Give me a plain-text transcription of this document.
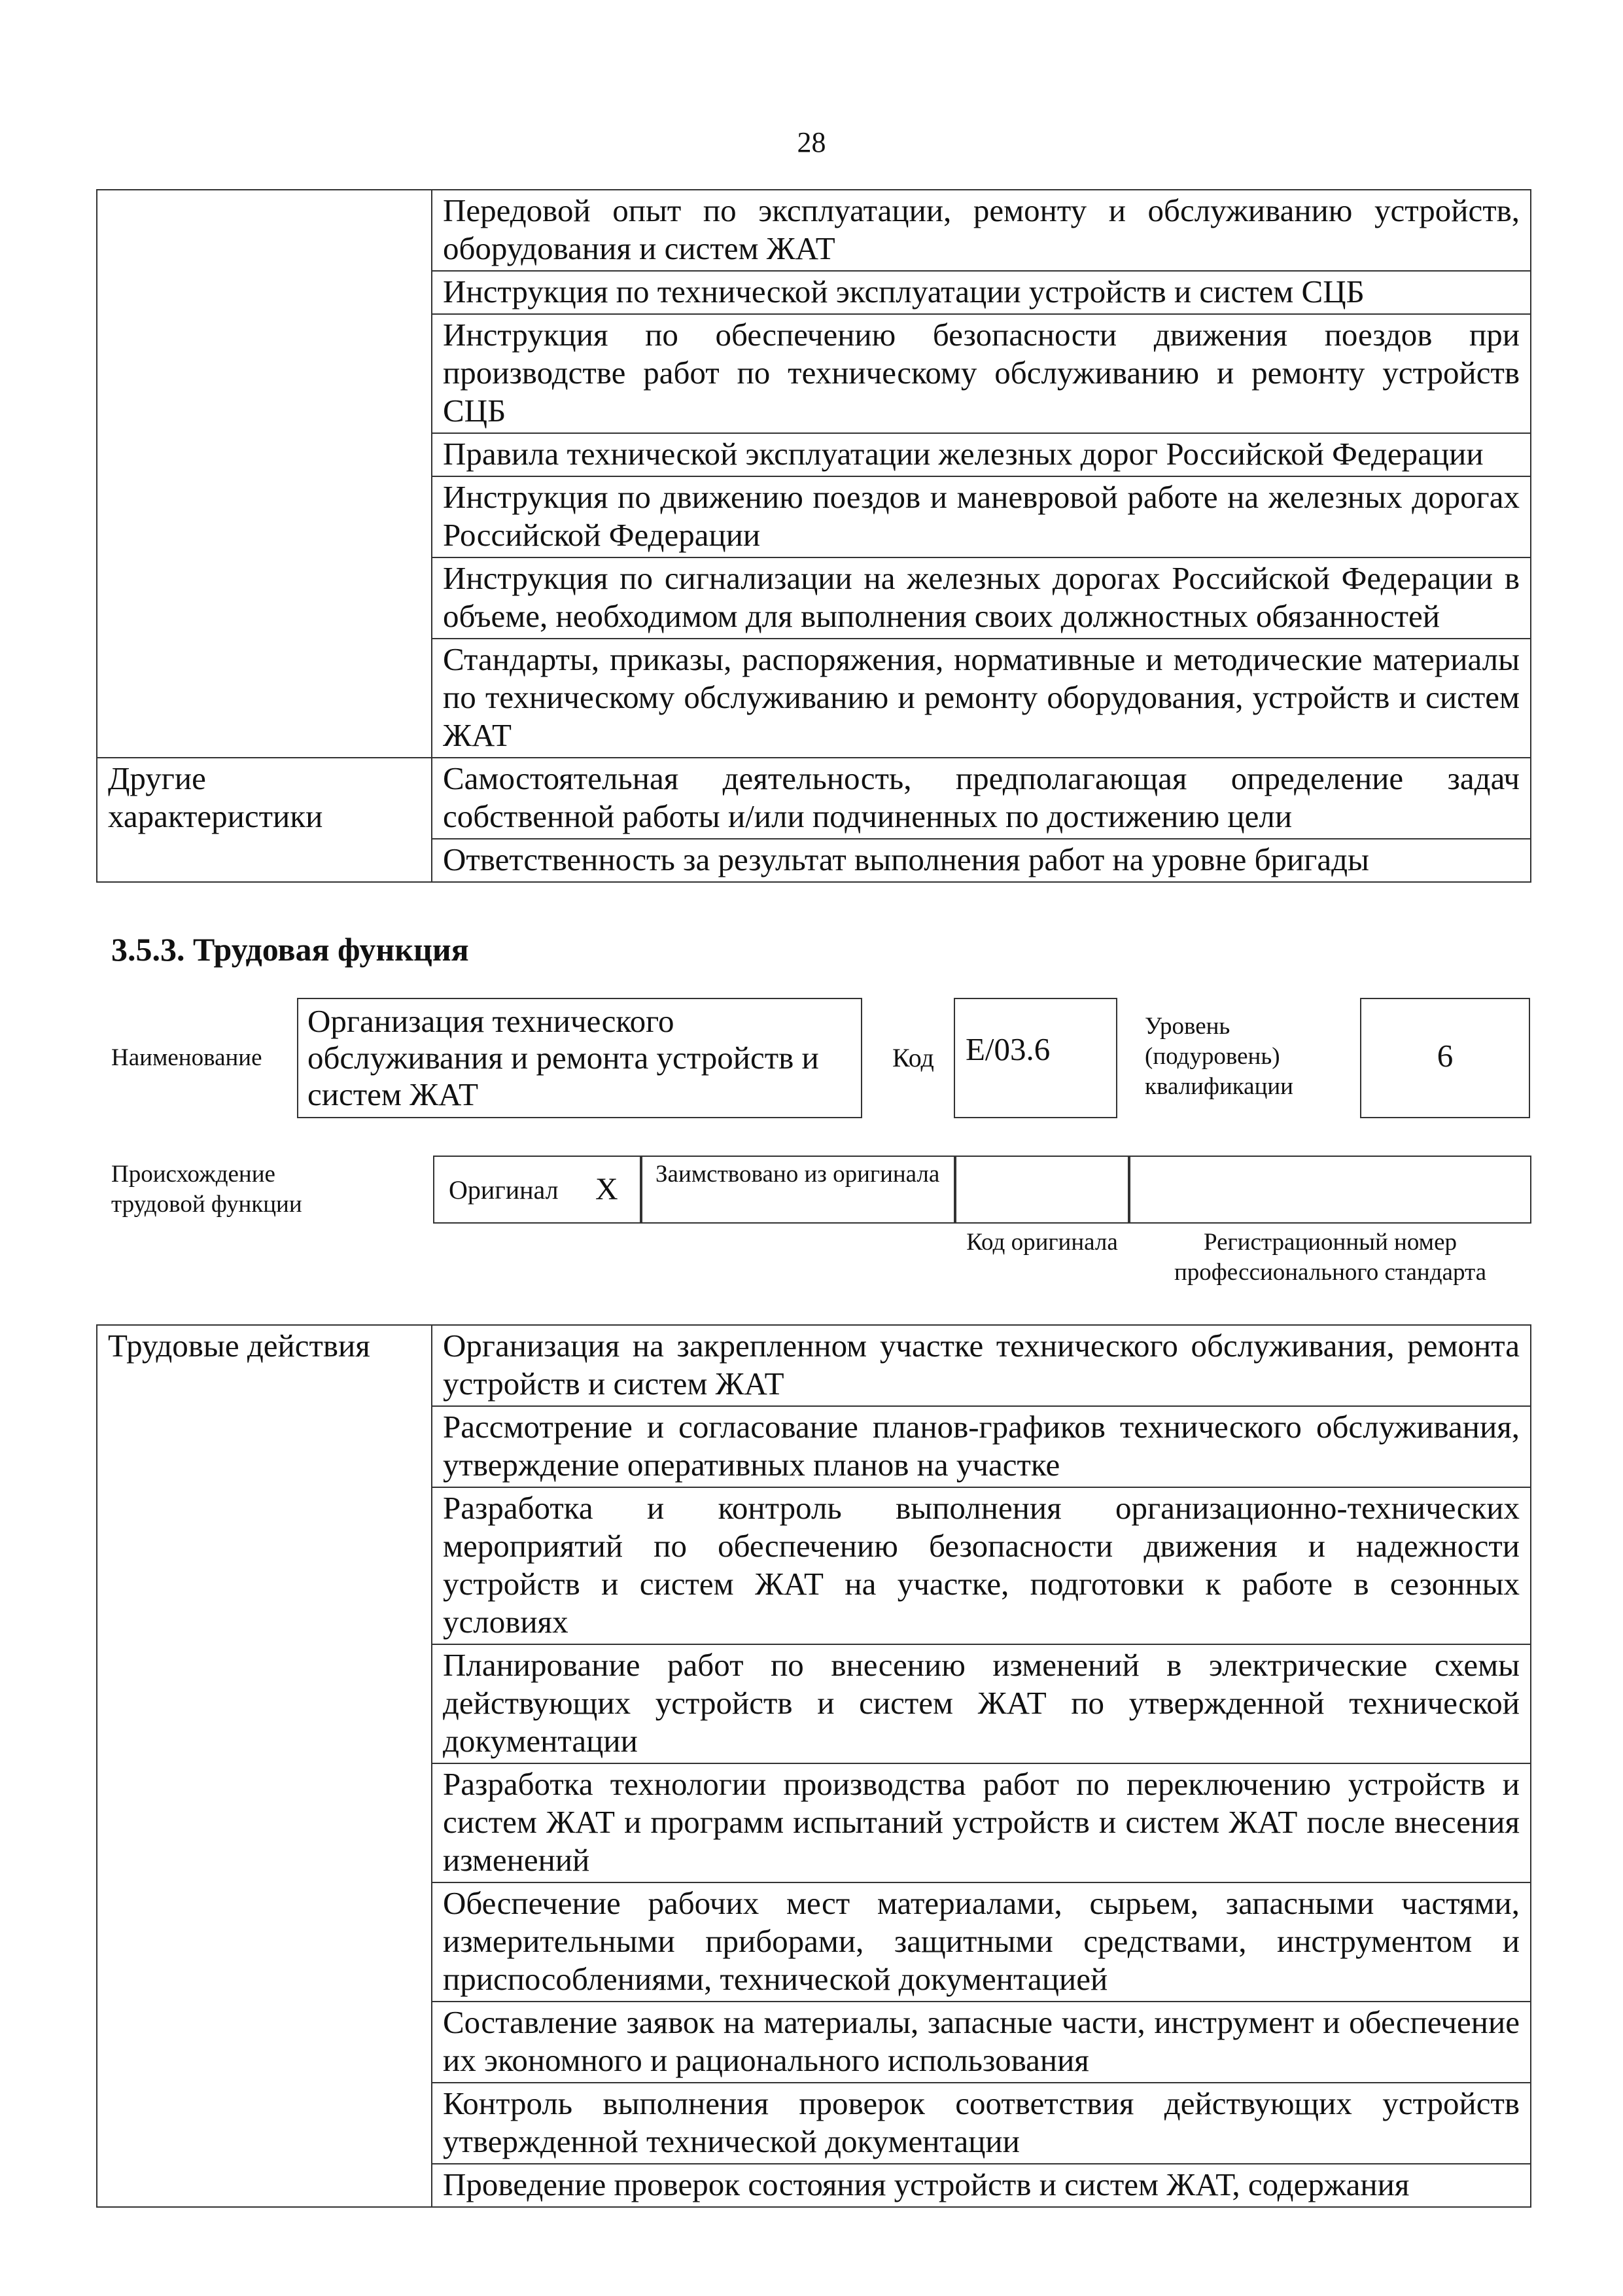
28
	Передовой опыт по эксплуатации, ремонту и обслуживанию устройств, оборудования и систем ЖАТ
	Инструкция по технической эксплуатации устройств и систем СЦБ
	Инструкция по обеспечению безопасности движения поездов при производстве работ по техническому обслуживанию и ремонту устройств СЦБ
	Правила технической эксплуатации железных дорог Российской Федерации
	Инструкция по движению поездов и маневровой работе на железных дорогах Российской Федерации
	Инструкция по сигнализации на железных дорогах Российской Федерации в объеме, необходимом для выполнения своих должностных обязанностей
	Стандарты, приказы, распоряжения, нормативные и методические материалы по техническому обслуживанию и ремонту оборудования, устройств и систем ЖАТ
Другие характеристики	Самостоятельная деятельность, предполагающая определение задач собственной работы и/или подчиненных по достижению цели
	Ответственность за результат выполнения работ на уровне бригады
3.5.3. Трудовая функция
Наименование
Организация технического обслуживания и ремонта устройств и систем ЖАТ
Код E/03.6
Уровень (подуровень) квалификации
6
Происхождение трудовой функции	Оригинал X	Заимствовано из оригинала
Код оригинала	Регистрационный номер профессионального стандарта
Трудовые действия	Организация на закрепленном участке технического обслуживания, ремонта устройств и систем ЖАТ
Рассмотрение и согласование планов-графиков технического обслуживания, утверждение оперативных планов на участке
Разработка и контроль выполнения организационно-технических мероприятий по обеспечению безопасности движения и надежности устройств и систем ЖАТ на участке, подготовки к работе в сезонных условиях
Планирование работ по внесению изменений в электрические схемы действующих устройств и систем ЖАТ по утвержденной технической документации
Разработка технологии производства работ по переключению устройств и систем ЖАТ и программ испытаний устройств и систем ЖАТ после внесения изменений
Обеспечение рабочих мест материалами, сырьем, запасными частями, измерительными приборами, защитными средствами, инструментом и приспособлениями, технической документацией
Составление заявок на материалы, запасные части, инструмент и обеспечение их экономного и рационального использования
Контроль выполнения проверок соответствия действующих устройств утвержденной технической документации
Проведение проверок состояния устройств и систем ЖАТ, содержания
